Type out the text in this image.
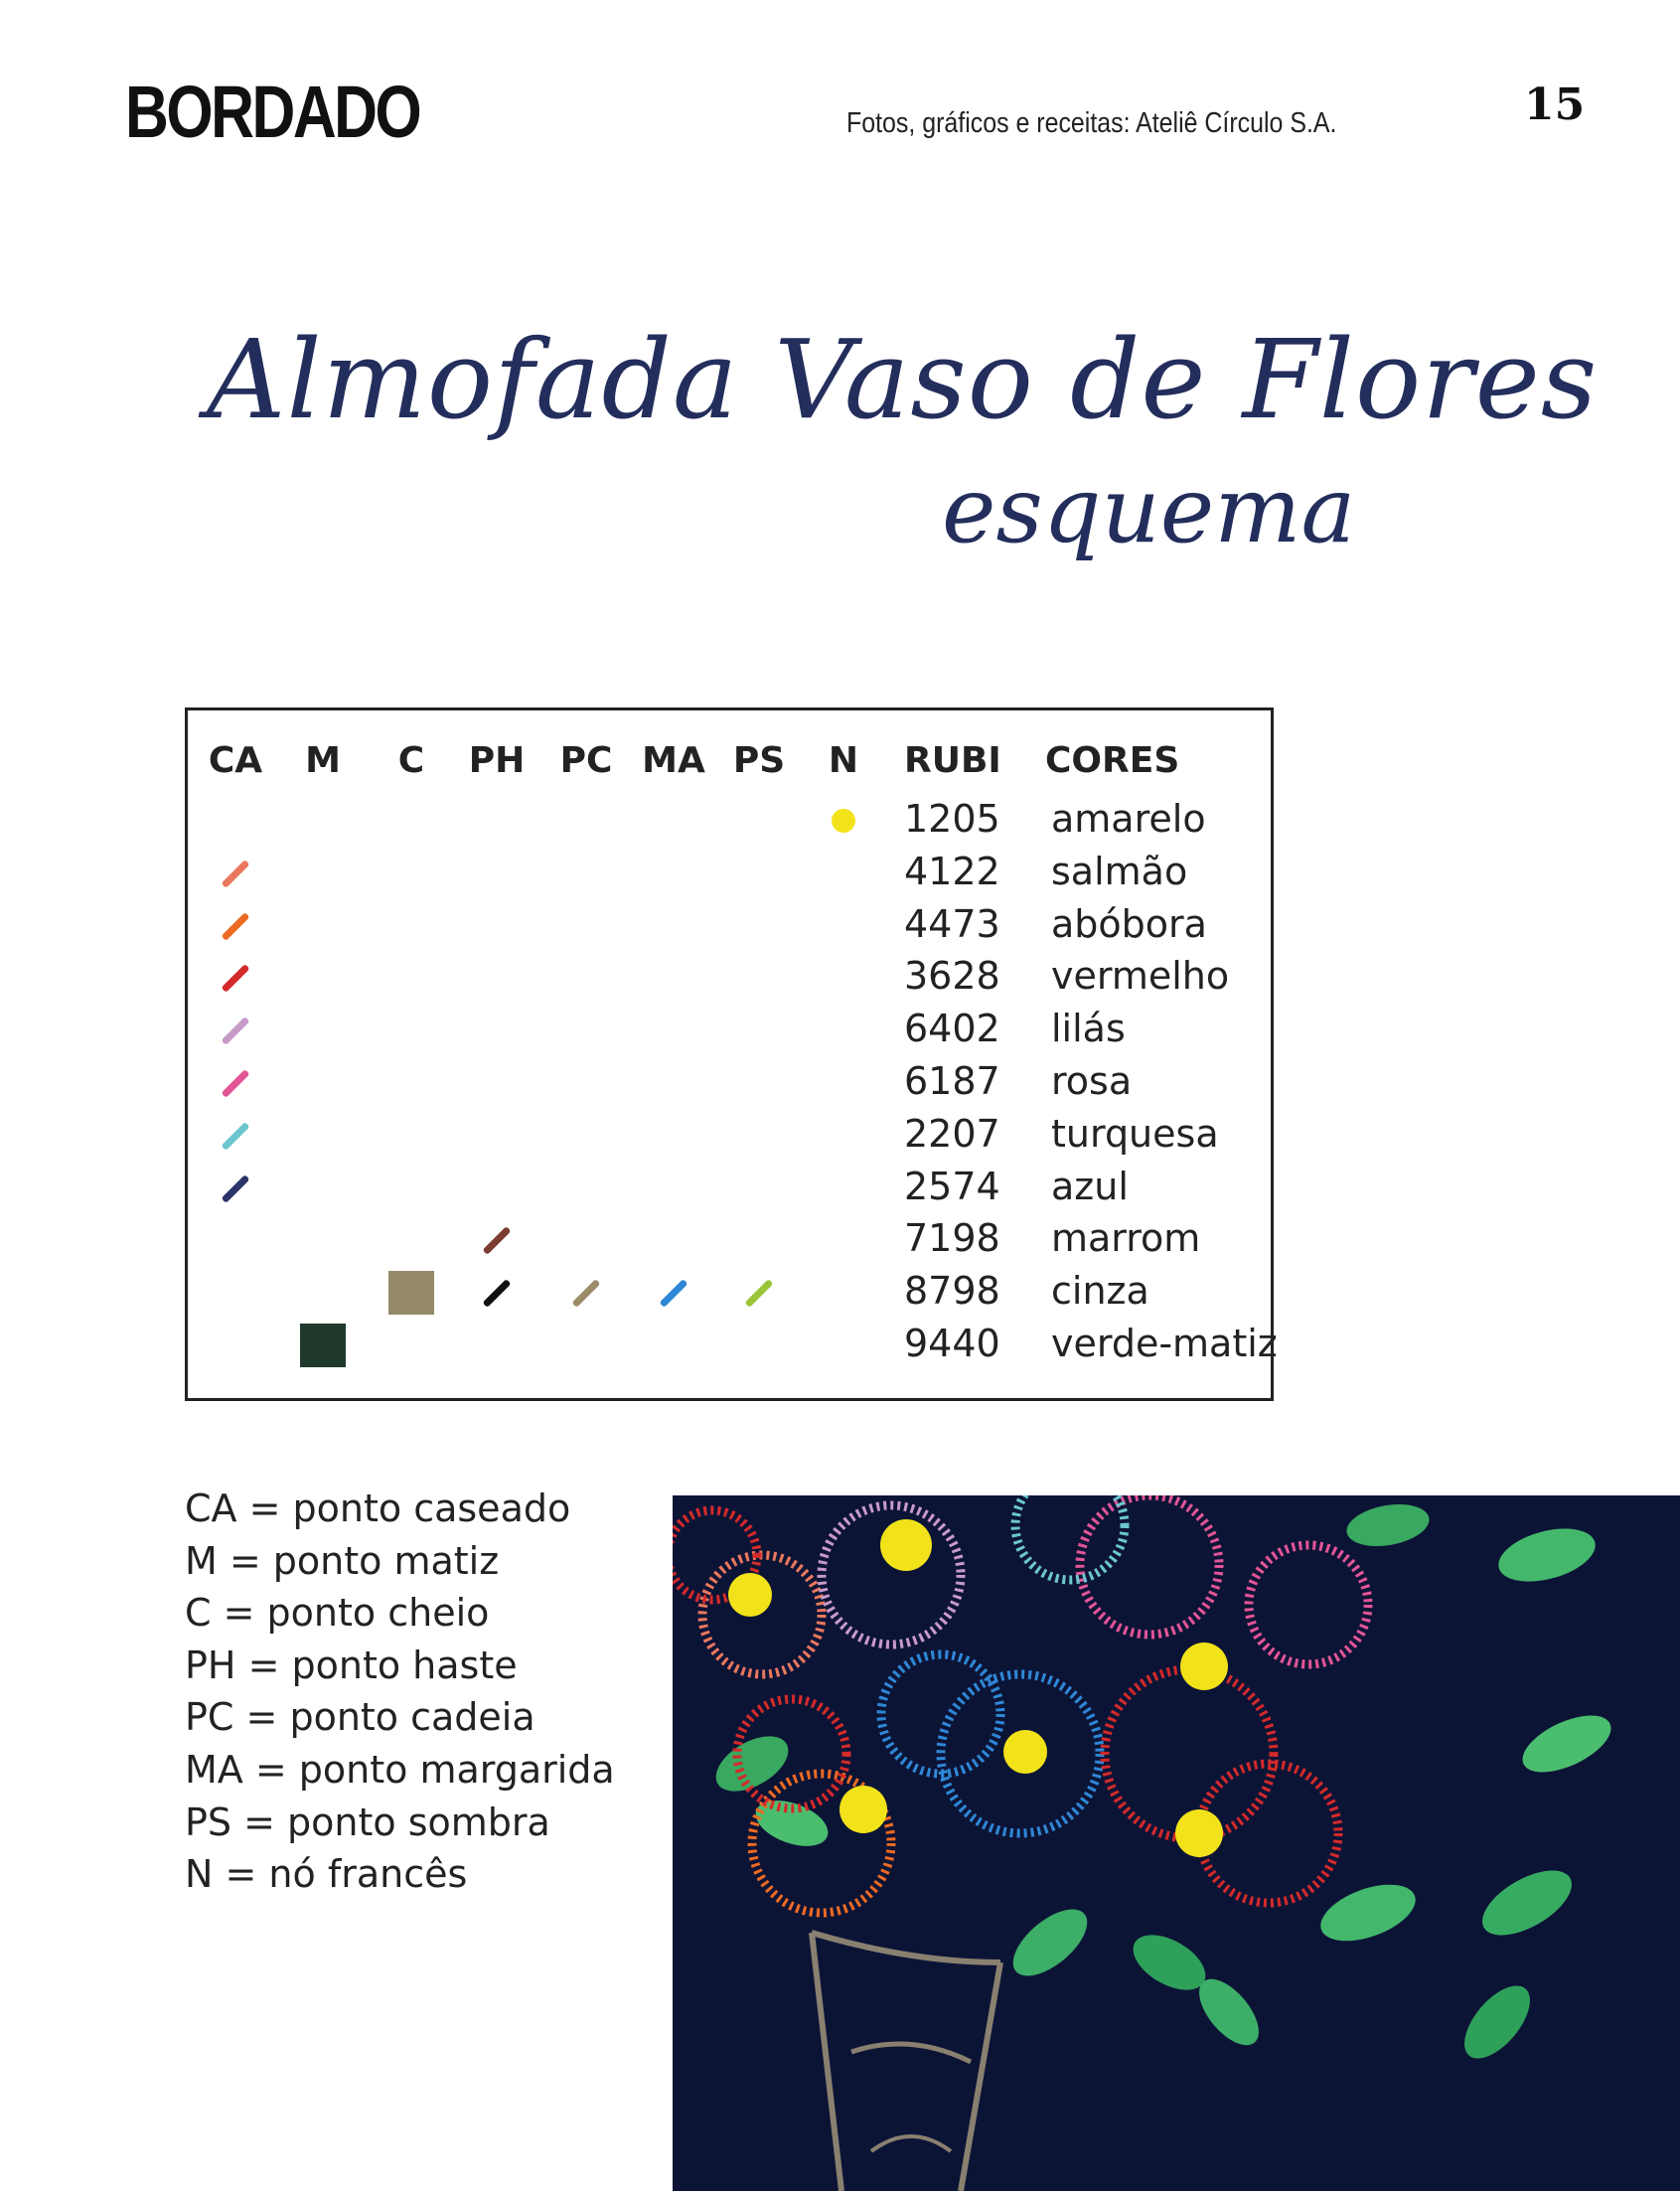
BORDADO	Fotos, gráficos e receitas: Ateliê Círculo S.A.	15
Almofada Vaso de Flores
esquema
CA M C PH PC MA PS N RUBI CORES
1205 amarelo
4122 salmão
4473 abóbora
3628 vermelho
6402 lilás
6187 rosa
2207 turquesa
2574 azul
7198 marrom
8798 cinza
9440 verde-matiz
CA = ponto caseado
M = ponto matiz
C = ponto cheio
PH = ponto haste
PC = ponto cadeia
MA = ponto margarida
PS = ponto sombra
N = nó francês
